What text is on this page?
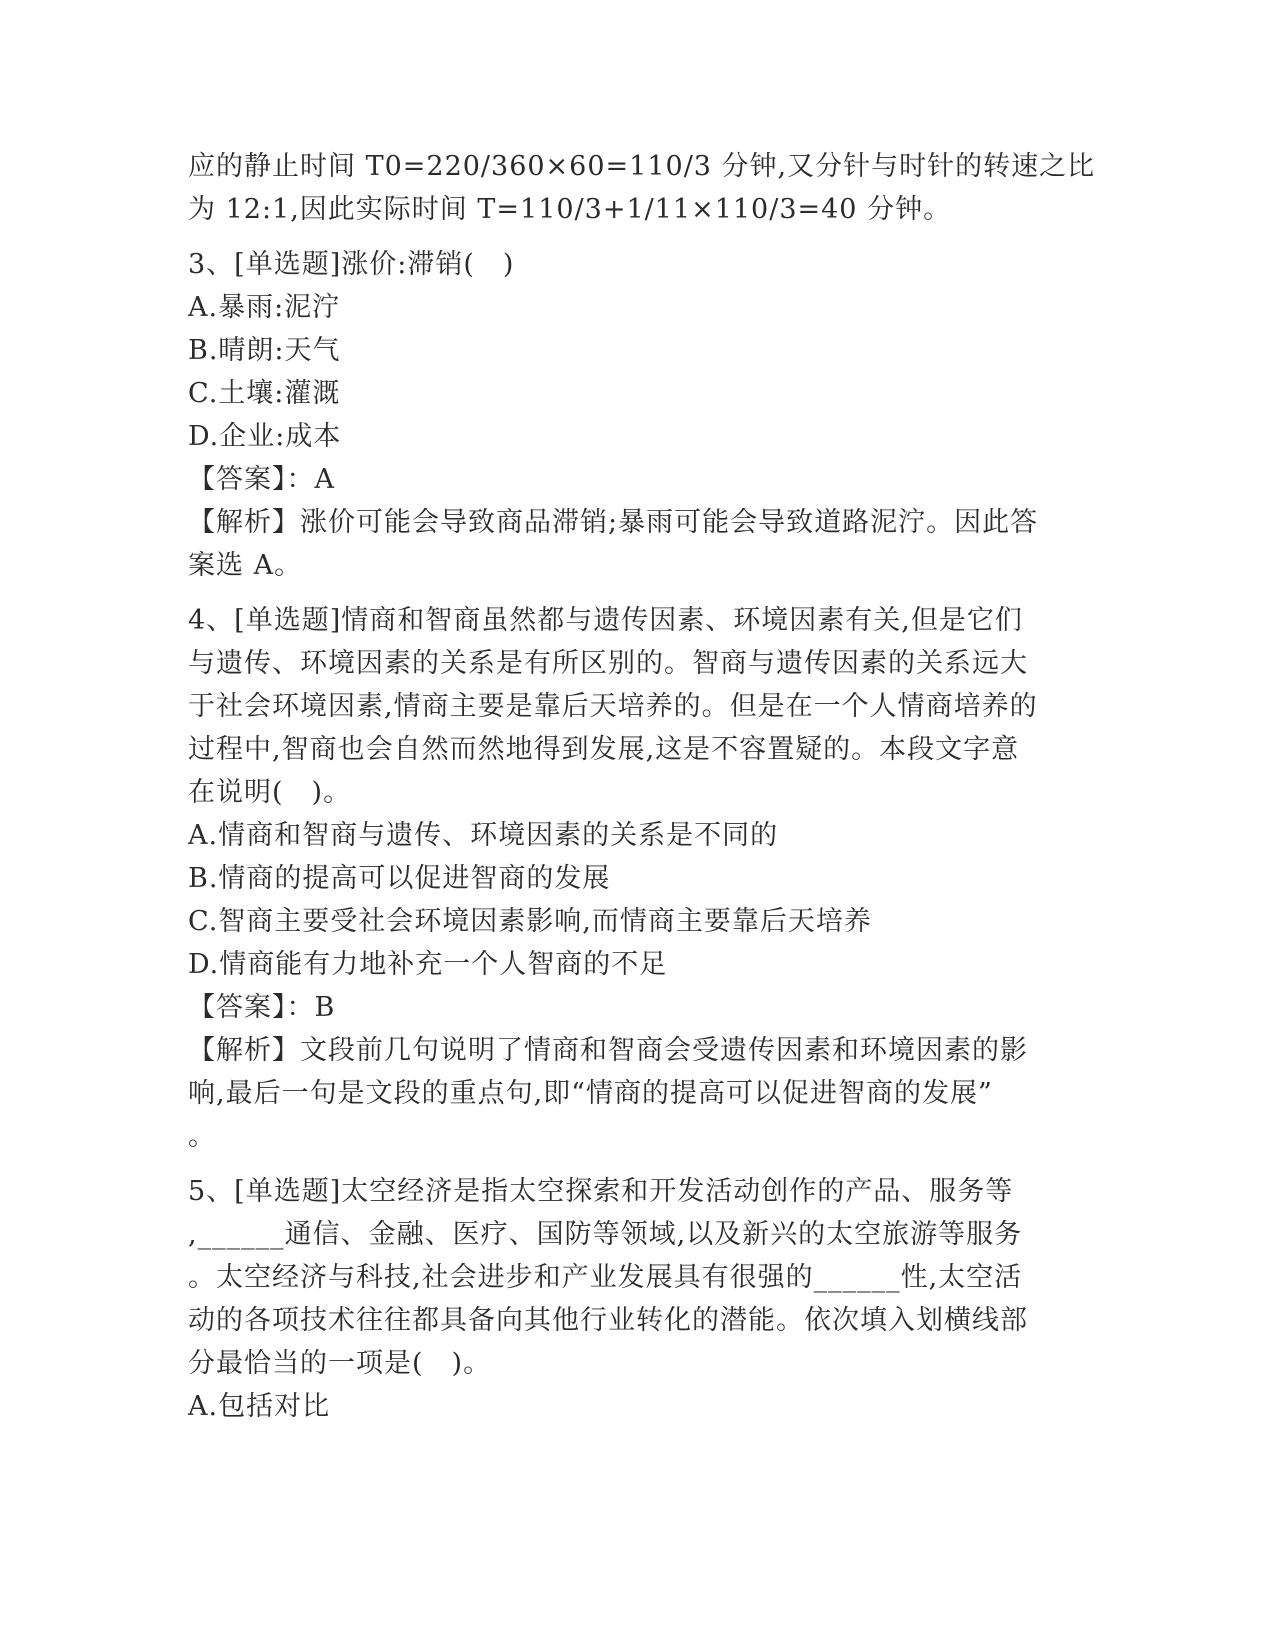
应的静止时间 T0=220/360×60=110/3 分钟,又分针与时针的转速之比
为 12:1,因此实际时间 T=110/3+1/11×110/3=40 分钟。
3、[单选题]涨价:滞销(　)
A.暴雨:泥泞
B.晴朗:天气
C.土壤:灌溉
D.企业:成本
【答案】：A
【解析】涨价可能会导致商品滞销;暴雨可能会导致道路泥泞。因此答
案选 A。
4、[单选题]情商和智商虽然都与遗传因素、环境因素有关,但是它们
与遗传、环境因素的关系是有所区别的。智商与遗传因素的关系远大
于社会环境因素,情商主要是靠后天培养的。但是在一个人情商培养的
过程中,智商也会自然而然地得到发展,这是不容置疑的。本段文字意
在说明(　)。
A.情商和智商与遗传、环境因素的关系是不同的
B.情商的提高可以促进智商的发展
C.智商主要受社会环境因素影响,而情商主要靠后天培养
D.情商能有力地补充一个人智商的不足
【答案】：B
【解析】文段前几句说明了情商和智商会受遗传因素和环境因素的影
响,最后一句是文段的重点句,即“情商的提高可以促进智商的发展”
。
5、[单选题]太空经济是指太空探索和开发活动创作的产品、服务等
,______通信、金融、医疗、国防等领域,以及新兴的太空旅游等服务
。太空经济与科技,社会进步和产业发展具有很强的______性,太空活
动的各项技术往往都具备向其他行业转化的潜能。依次填入划横线部
分最恰当的一项是(　)。
A.包括对比
